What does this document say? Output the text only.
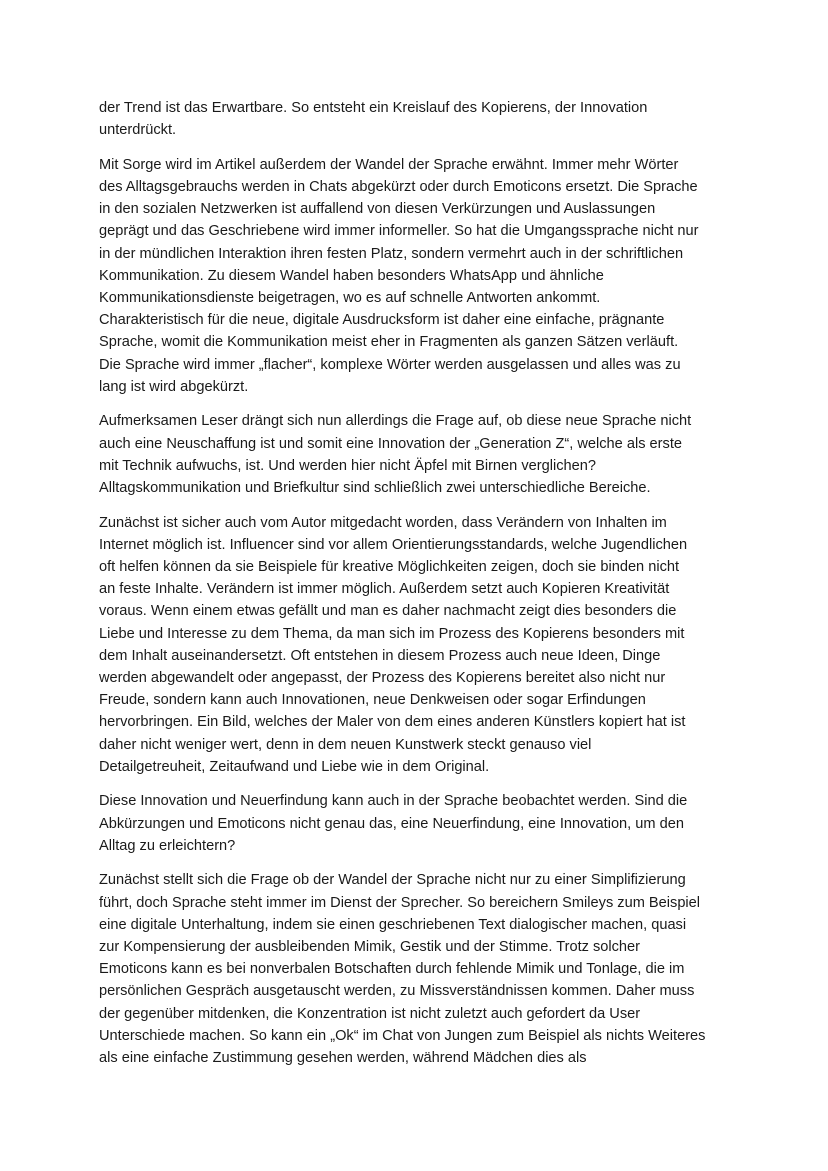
der Trend ist das Erwartbare. So entsteht ein Kreislauf des Kopierens, der Innovation
unterdrückt.

Mit Sorge wird im Artikel außerdem der Wandel der Sprache erwähnt. Immer mehr Wörter
des Alltagsgebrauchs werden in Chats abgekürzt oder durch Emoticons ersetzt. Die Sprache
in den sozialen Netzwerken ist auffallend von diesen Verkürzungen und Auslassungen
geprägt und das Geschriebene wird immer informeller. So hat die Umgangssprache nicht nur
in der mündlichen Interaktion ihren festen Platz, sondern vermehrt auch in der schriftlichen
Kommunikation. Zu diesem Wandel haben besonders WhatsApp und ähnliche
Kommunikationsdienste beigetragen, wo es auf schnelle Antworten ankommt.
Charakteristisch für die neue, digitale Ausdrucksform ist daher eine einfache, prägnante
Sprache, womit die Kommunikation meist eher in Fragmenten als ganzen Sätzen verläuft.
Die Sprache wird immer „flacher“, komplexe Wörter werden ausgelassen und alles was zu
lang ist wird abgekürzt.

Aufmerksamen Leser drängt sich nun allerdings die Frage auf, ob diese neue Sprache nicht
auch eine Neuschaffung ist und somit eine Innovation der „Generation Z“, welche als erste
mit Technik aufwuchs, ist. Und werden hier nicht Äpfel mit Birnen verglichen?
Alltagskommunikation und Briefkultur sind schließlich zwei unterschiedliche Bereiche.

Zunächst ist sicher auch vom Autor mitgedacht worden, dass Verändern von Inhalten im
Internet möglich ist. Influencer sind vor allem Orientierungsstandards, welche Jugendlichen
oft helfen können da sie Beispiele für kreative Möglichkeiten zeigen, doch sie binden nicht
an feste Inhalte. Verändern ist immer möglich. Außerdem setzt auch Kopieren Kreativität
voraus. Wenn einem etwas gefällt und man es daher nachmacht zeigt dies besonders die
Liebe und Interesse zu dem Thema, da man sich im Prozess des Kopierens besonders mit
dem Inhalt auseinandersetzt. Oft entstehen in diesem Prozess auch neue Ideen, Dinge
werden abgewandelt oder angepasst, der Prozess des Kopierens bereitet also nicht nur
Freude, sondern kann auch Innovationen, neue Denkweisen oder sogar Erfindungen
hervorbringen. Ein Bild, welches der Maler von dem eines anderen Künstlers kopiert hat ist
daher nicht weniger wert, denn in dem neuen Kunstwerk steckt genauso viel
Detailgetreuheit, Zeitaufwand und Liebe wie in dem Original.

Diese Innovation und Neuerfindung kann auch in der Sprache beobachtet werden. Sind die
Abkürzungen und Emoticons nicht genau das, eine Neuerfindung, eine Innovation, um den
Alltag zu erleichtern?

Zunächst stellt sich die Frage ob der Wandel der Sprache nicht nur zu einer Simplifizierung
führt, doch Sprache steht immer im Dienst der Sprecher. So bereichern Smileys zum Beispiel
eine digitale Unterhaltung, indem sie einen geschriebenen Text dialogischer machen, quasi
zur Kompensierung der ausbleibenden Mimik, Gestik und der Stimme. Trotz solcher
Emoticons kann es bei nonverbalen Botschaften durch fehlende Mimik und Tonlage, die im
persönlichen Gespräch ausgetauscht werden, zu Missverständnissen kommen. Daher muss
der gegenüber mitdenken, die Konzentration ist nicht zuletzt auch gefordert da User
Unterschiede machen. So kann ein „Ok“ im Chat von Jungen zum Beispiel als nichts Weiteres
als eine einfache Zustimmung gesehen werden, während Mädchen dies als
